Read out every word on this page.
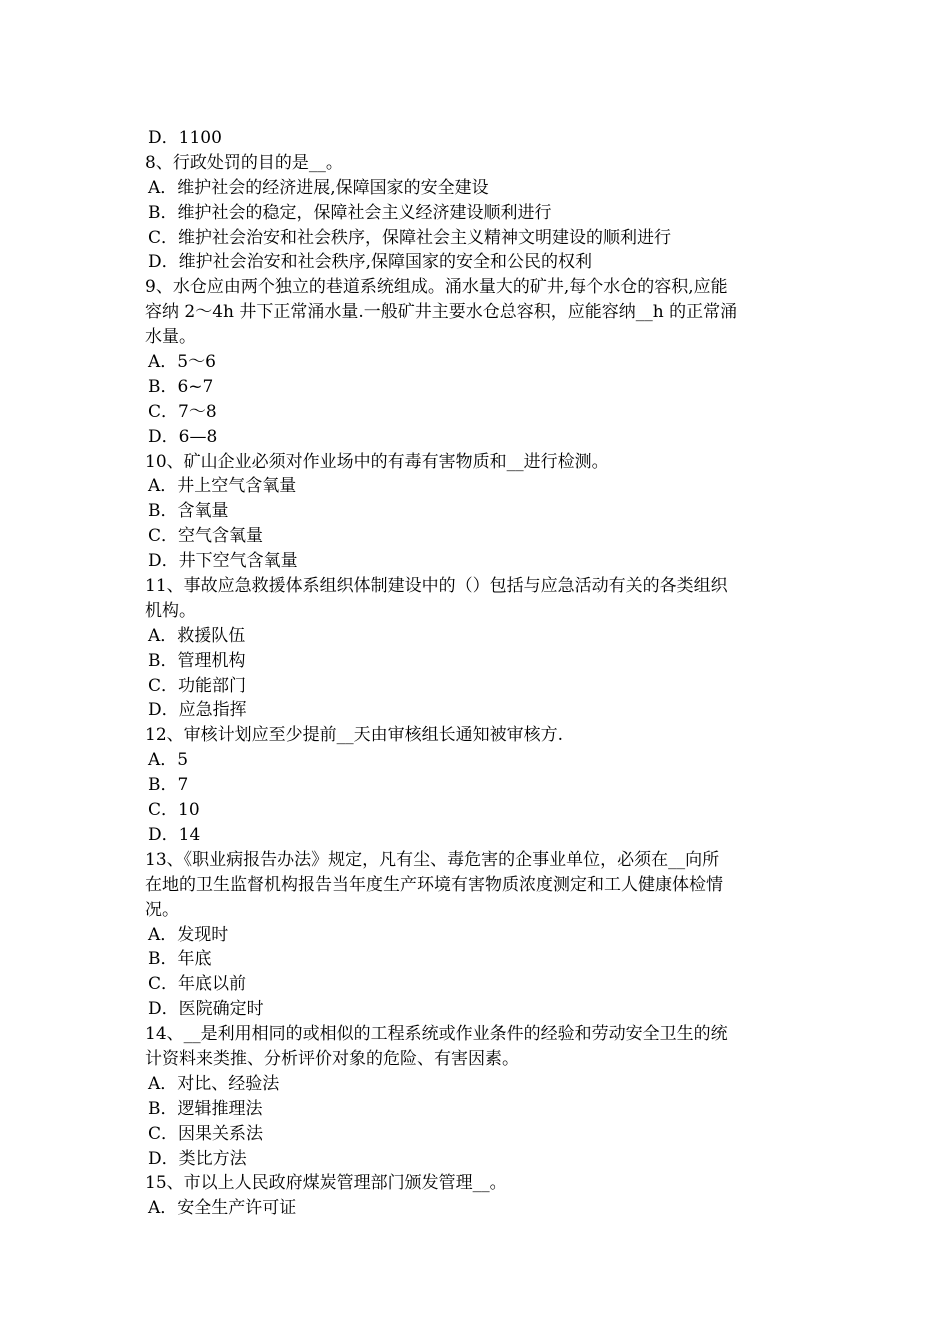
D．1100
8、行政处罚的目的是__。
A．维护社会的经济进展,保障国家的安全建设
B．维护社会的稳定，保障社会主义经济建设顺利进行
C．维护社会治安和社会秩序，保障社会主义精神文明建设的顺利进行
D．维护社会治安和社会秩序,保障国家的安全和公民的权利
9、水仓应由两个独立的巷道系统组成。涌水量大的矿井,每个水仓的容积,应能
容纳 2～4h 井下正常涌水量.一般矿井主要水仓总容积，应能容纳__h 的正常涌
水量。
A．5～6
B．6~7
C．7～8
D．6—8
10、矿山企业必须对作业场中的有毒有害物质和__进行检测。
A．井上空气含氧量
B．含氧量
C．空气含氧量
D．井下空气含氧量
11、事故应急救援体系组织体制建设中的（）包括与应急活动有关的各类组织
机构。
A．救援队伍
B．管理机构
C．功能部门
D．应急指挥
12、审核计划应至少提前__天由审核组长通知被审核方.
A．5
B．7
C．10
D．14
13、《职业病报告办法》规定，凡有尘、毒危害的企事业单位，必须在__向所
在地的卫生监督机构报告当年度生产环境有害物质浓度测定和工人健康体检情
况。
A．发现时
B．年底
C．年底以前
D．医院确定时
14、__是利用相同的或相似的工程系统或作业条件的经验和劳动安全卫生的统
计资料来类推、分析评价对象的危险、有害因素。
A．对比、经验法
B．逻辑推理法
C．因果关系法
D．类比方法
15、市以上人民政府煤炭管理部门颁发管理__。
A．安全生产许可证
